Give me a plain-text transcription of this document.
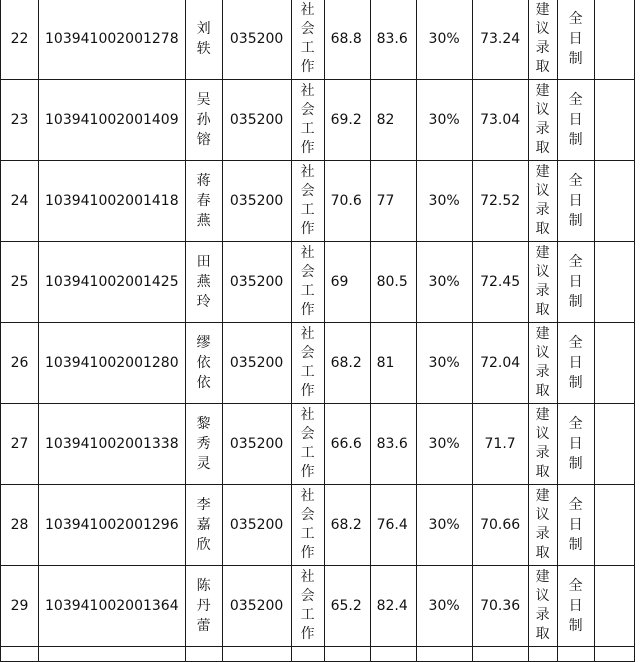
22	103941002001278	刘轶	035200	社会工作	68.8	83.6	30%	73.24	建议录取	全日制	
23	103941002001409	吴孙镕	035200	社会工作	69.2	82	30%	73.04	建议录取	全日制	
24	103941002001418	蒋春燕	035200	社会工作	70.6	77	30%	72.52	建议录取	全日制	
25	103941002001425	田燕玲	035200	社会工作	69	80.5	30%	72.45	建议录取	全日制	
26	103941002001280	缪依依	035200	社会工作	68.2	81	30%	72.04	建议录取	全日制	
27	103941002001338	黎秀灵	035200	社会工作	66.6	83.6	30%	71.7	建议录取	全日制	
28	103941002001296	李嘉欣	035200	社会工作	68.2	76.4	30%	70.66	建议录取	全日制	
29	103941002001364	陈丹蕾	035200	社会工作	65.2	82.4	30%	70.36	建议录取	全日制	
